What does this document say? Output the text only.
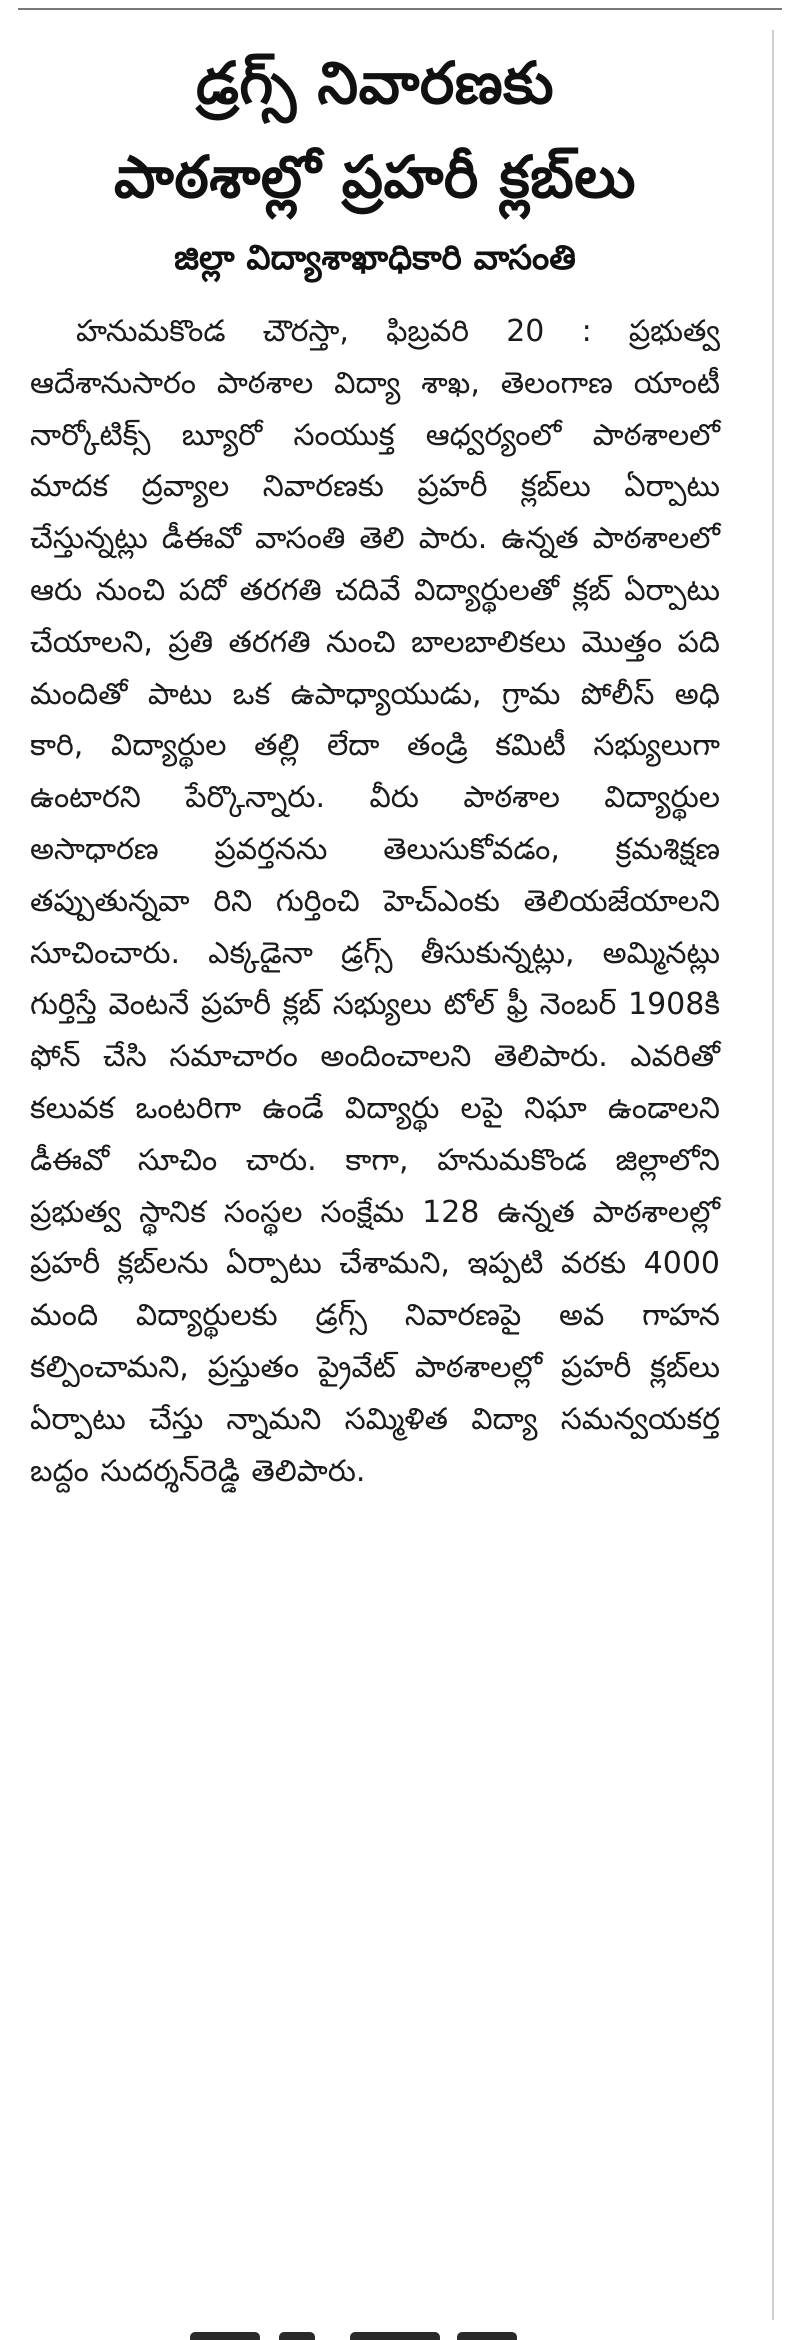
డ్రగ్స్ నివారణకు
పాఠశాల్లో ప్రహరీ క్లబ్‌లు
జిల్లా విద్యాశాఖాధికారి వాసంతి

హనుమకొండ చౌరస్తా, ఫిబ్రవరి 20 : ప్రభుత్వ ఆదేశానుసారం పాఠశాల విద్యా శాఖ, తెలంగాణ యాంటీ నార్కోటిక్స్ బ్యూరో సంయుక్త ఆధ్వర్యంలో పాఠశాలలో మాదక ద్రవ్యాల నివారణకు ప్రహరీ క్లబ్‌లు ఏర్పాటు చేస్తున్నట్లు డీఈవో వాసంతి తెలి పారు. ఉన్నత పాఠశాలలో ఆరు నుంచి పదో తరగతి చదివే విద్యార్థులతో క్లబ్ ఏర్పాటు చేయాలని, ప్రతి తరగతి నుంచి బాలబాలికలు మొత్తం పది మందితో పాటు ఒక ఉపాధ్యాయుడు, గ్రామ పోలీస్ అధి కారి, విద్యార్థుల తల్లి లేదా తండ్రి కమిటీ సభ్యులుగా ఉంటారని పేర్కొన్నారు. వీరు పాఠశాల విద్యార్థుల అసాధారణ ప్రవర్తనను తెలుసుకోవడం, క్రమశిక్షణ తప్పుతున్నవా రిని గుర్తించి హెచ్ఎంకు తెలియజేయాలని సూచించారు. ఎక్కడైనా డ్రగ్స్ తీసుకున్నట్లు, అమ్మినట్లు గుర్తిస్తే వెంటనే ప్రహరీ క్లబ్ సభ్యులు టోల్ ఫ్రీ నెంబర్ 1908కి ఫోన్ చేసి సమాచారం అందించాలని తెలిపారు. ఎవరితో కలువక ఒంటరిగా ఉండే విద్యార్థు లపై నిఘా ఉండాలని డీఈవో సూచిం చారు. కాగా, హనుమకొండ జిల్లాలోని ప్రభుత్వ స్థానిక సంస్థల సంక్షేమ 128 ఉన్నత పాఠశాలల్లో ప్రహరీ క్లబ్‌లను ఏర్పాటు చేశామని, ఇప్పటి వరకు 4000 మంది విద్యార్థులకు డ్రగ్స్ నివారణపై అవ గాహన కల్పించామని, ప్రస్తుతం ప్రైవేట్ పాఠశాలల్లో ప్రహరీ క్లబ్‌లు ఏర్పాటు చేస్తు న్నామని సమ్మిళిత విద్యా సమన్వయకర్త బద్దం సుదర్శన్‌రెడ్డి తెలిపారు.
